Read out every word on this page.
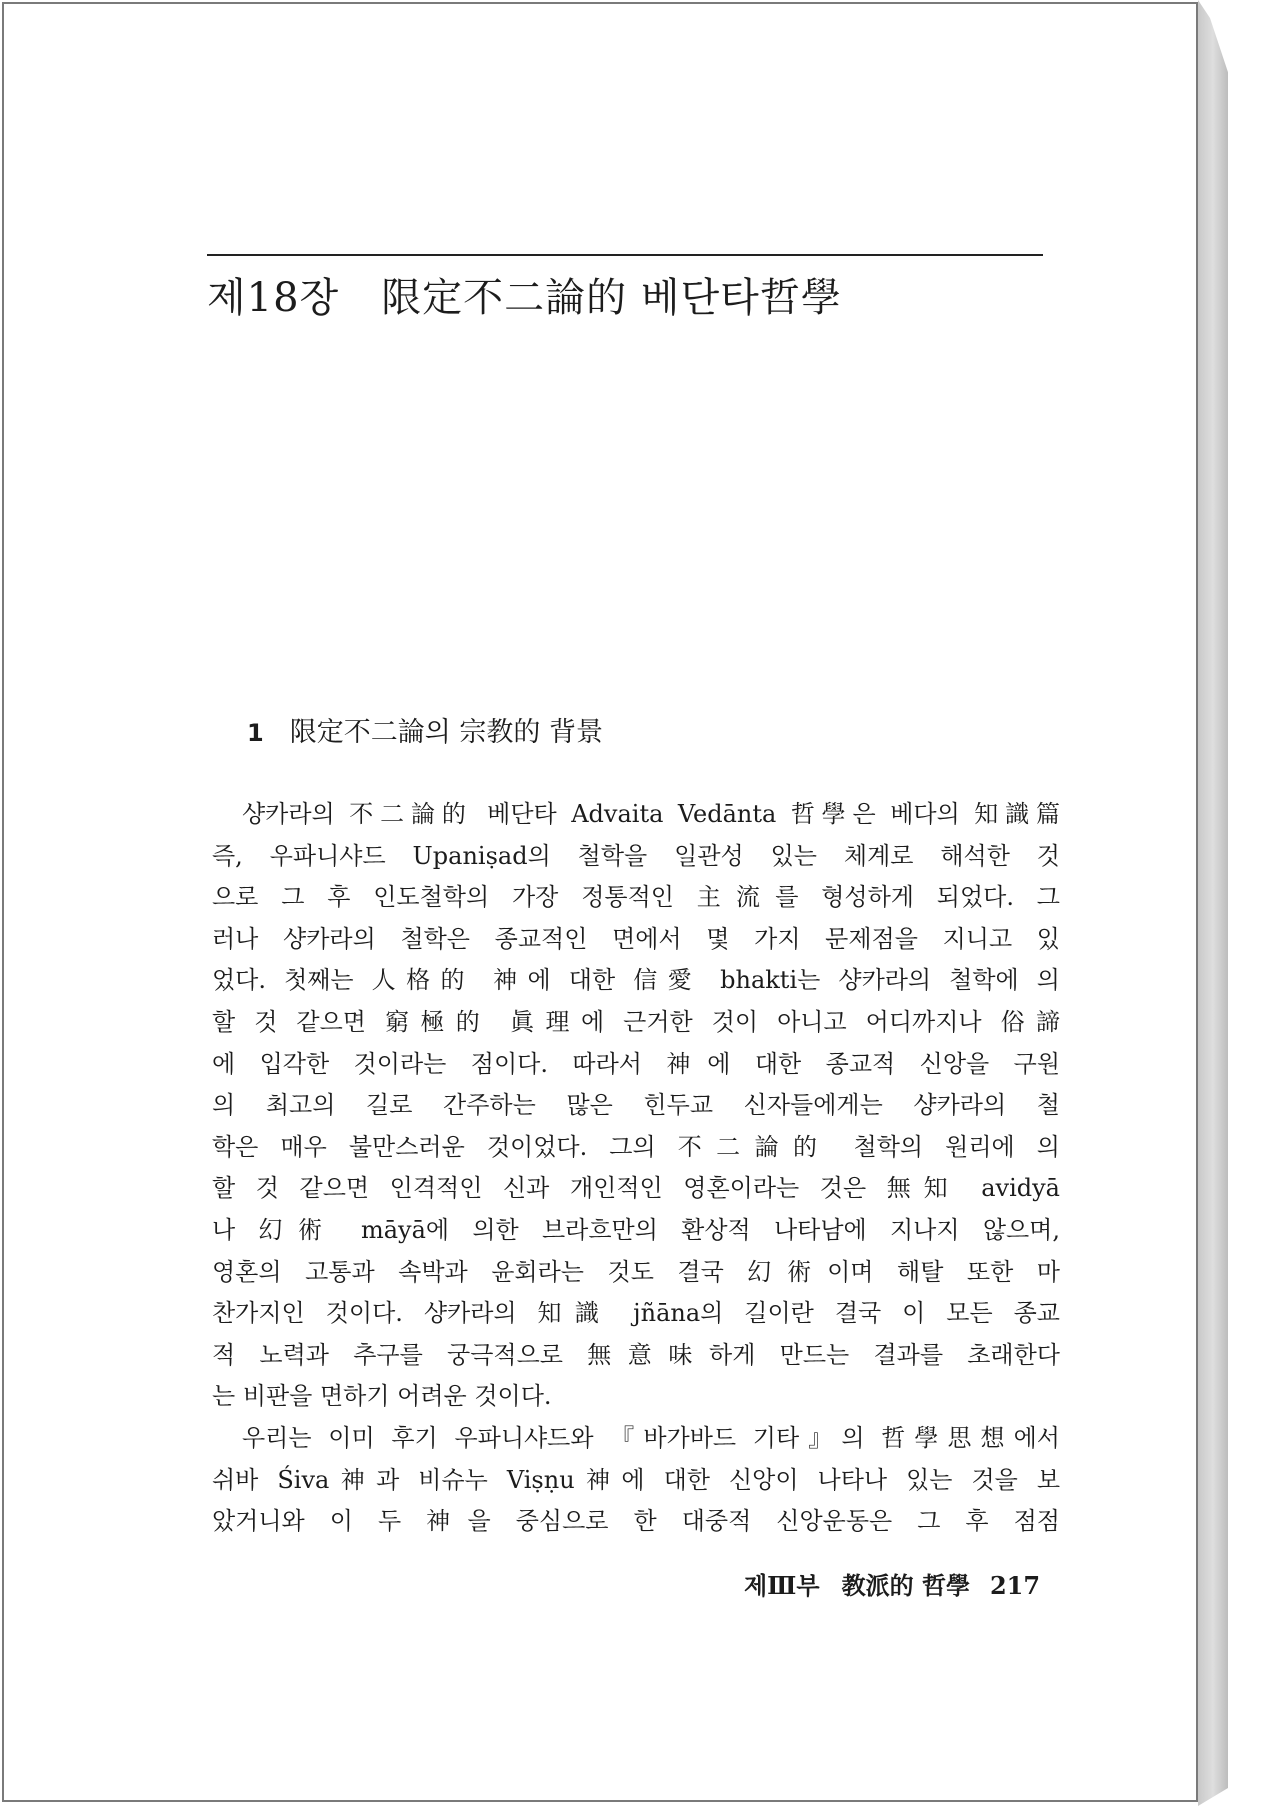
제18장 限定不二論的 베단타哲學
1 限定不二論의 宗教的 背景
샹카라의 不二論的 베단타 Advaita Vedānta 哲學은 베다의 知識篇
즉, 우파니샤드 Upaniṣad의 철학을 일관성 있는 체계로 해석한 것
으로 그 후 인도철학의 가장 정통적인 主流를 형성하게 되었다. 그
러나 샹카라의 철학은 종교적인 면에서 몇 가지 문제점을 지니고 있
었다. 첫째는 人格的 神에 대한 信愛 bhakti는 샹카라의 철학에 의
할 것 같으면 窮極的 眞理에 근거한 것이 아니고 어디까지나 俗諦
에 입각한 것이라는 점이다. 따라서 神에 대한 종교적 신앙을 구원
의 최고의 길로 간주하는 많은 힌두교 신자들에게는 샹카라의 철
학은 매우 불만스러운 것이었다. 그의 不二論的 철학의 원리에 의
할 것 같으면 인격적인 신과 개인적인 영혼이라는 것은 無知 avidyā
나 幻術 māyā에 의한 브라흐만의 환상적 나타남에 지나지 않으며,
영혼의 고통과 속박과 윤회라는 것도 결국 幻術이며 해탈 또한 마
찬가지인 것이다. 샹카라의 知識 jñāna의 길이란 결국 이 모든 종교
적 노력과 추구를 궁극적으로 無意味하게 만드는 결과를 초래한다
는 비판을 면하기 어려운 것이다.
우리는 이미 후기 우파니샤드와 『바가바드 기타』의 哲學思想에서
쉬바 Śiva神과 비슈누 Viṣṇu神에 대한 신앙이 나타나 있는 것을 보
았거니와 이 두 神을 중심으로 한 대중적 신앙운동은 그 후 점점
제Ⅲ부 教派的 哲學 217
